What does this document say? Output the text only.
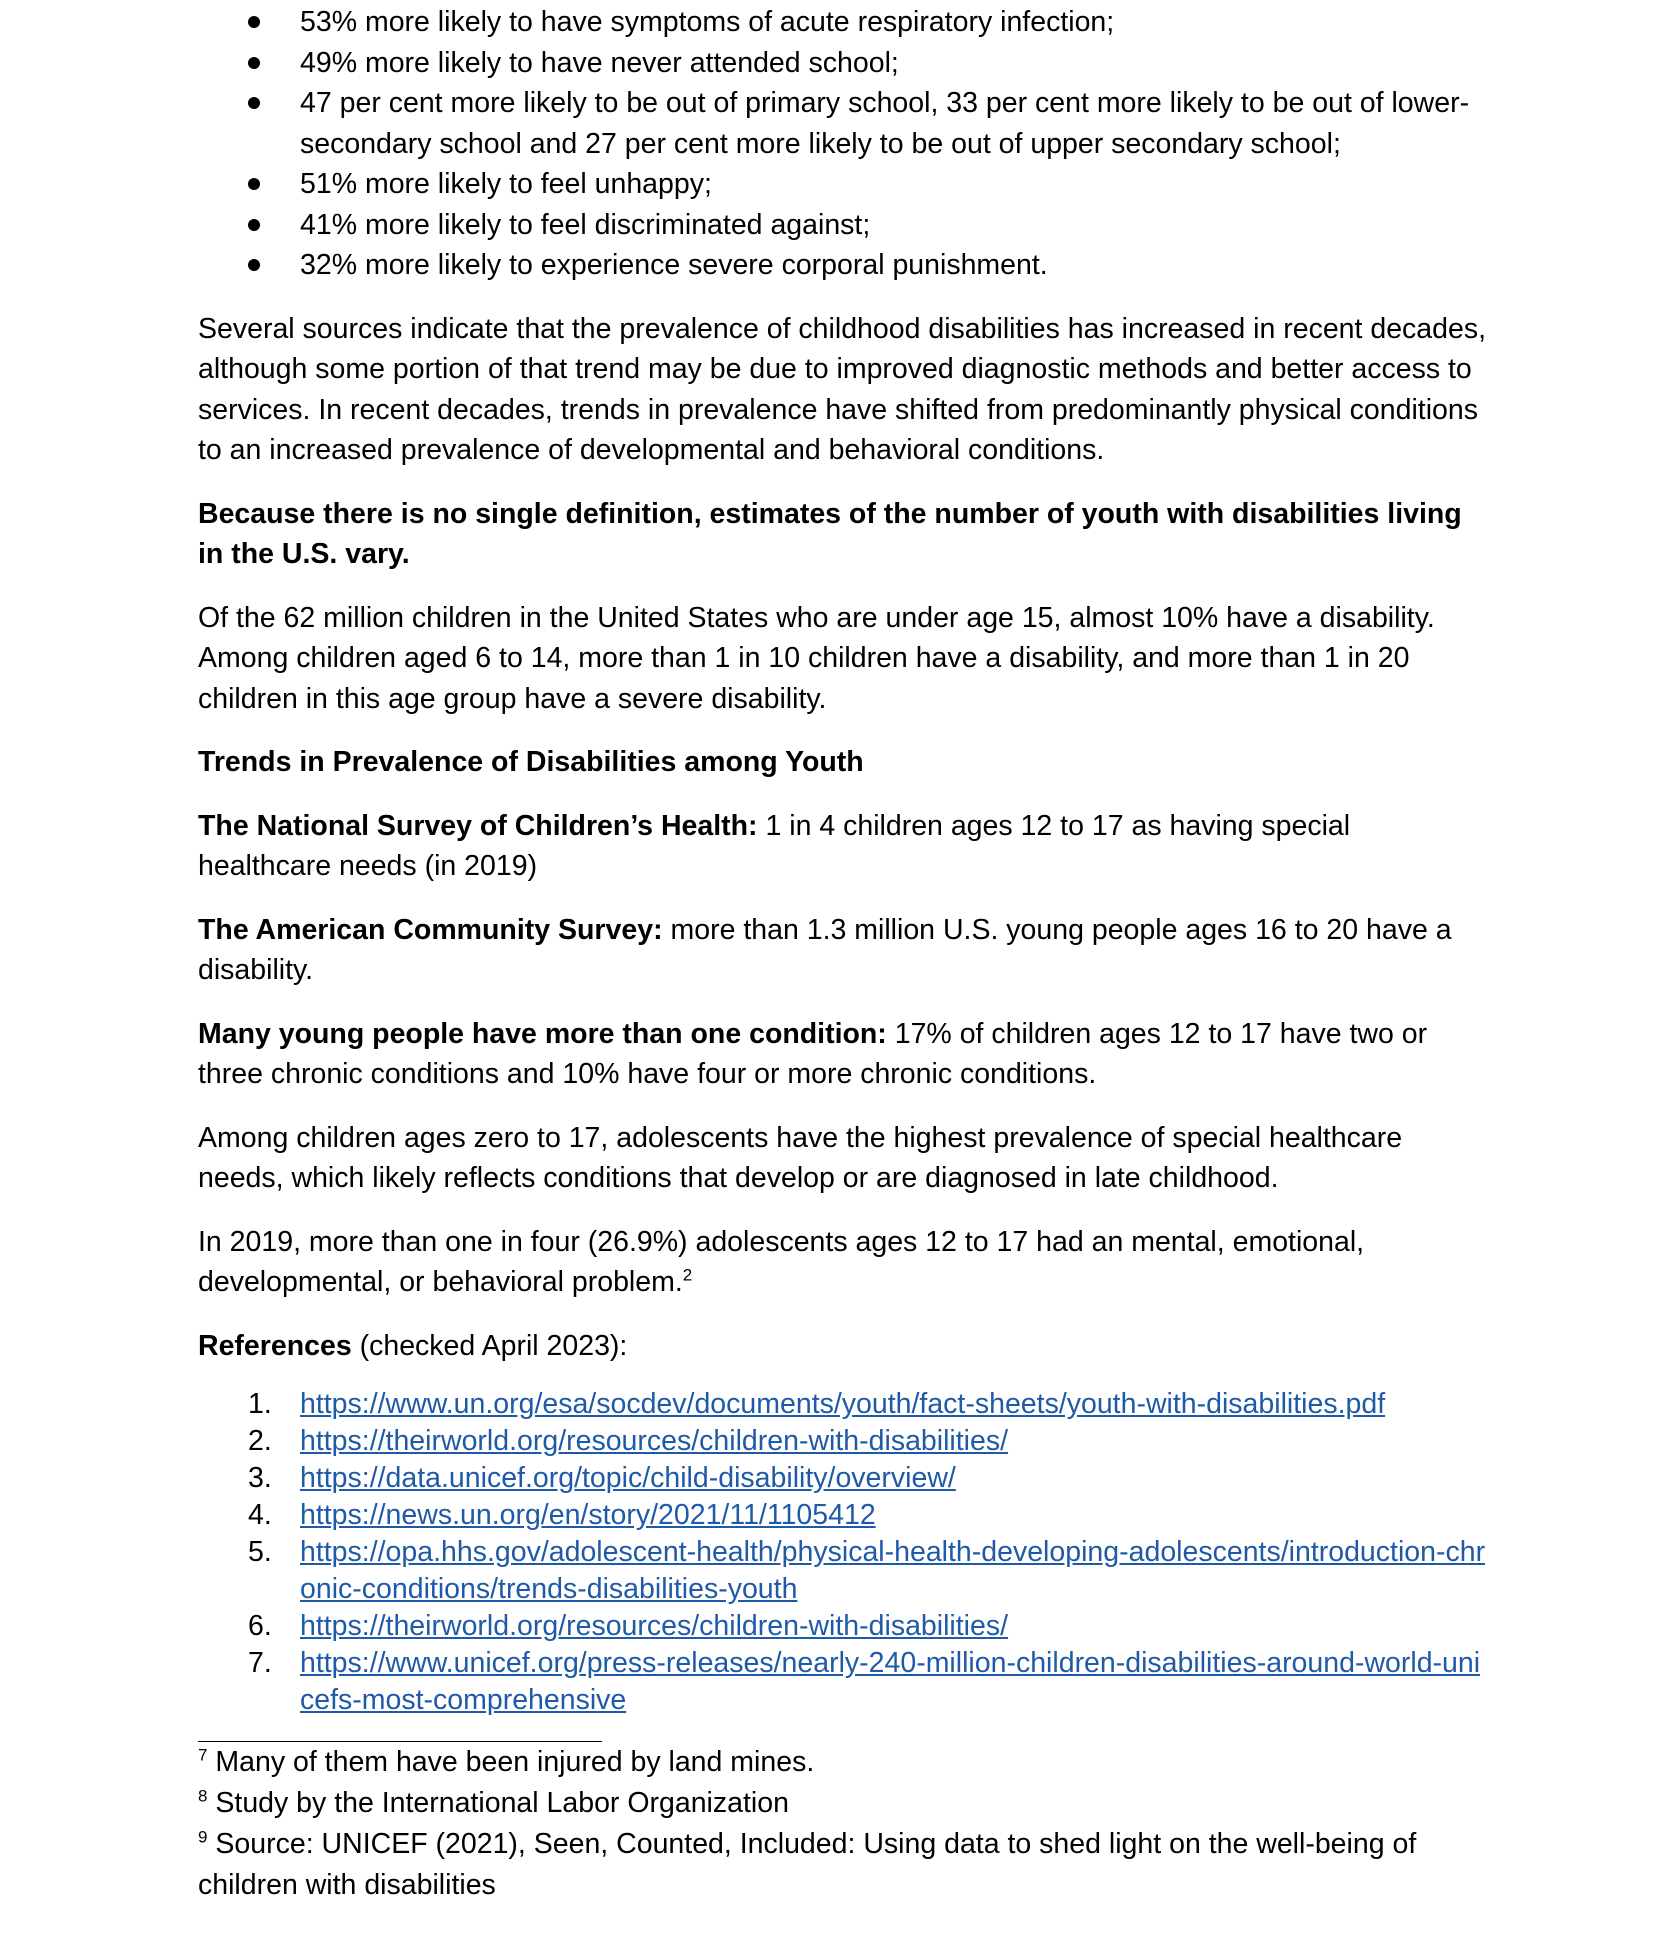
53% more likely to have symptoms of acute respiratory infection;
49% more likely to have never attended school;
47 per cent more likely to be out of primary school, 33 per cent more likely to be out of lower-secondary school and 27 per cent more likely to be out of upper secondary school;
51% more likely to feel unhappy;
41% more likely to feel discriminated against;
32% more likely to experience severe corporal punishment.

Several sources indicate that the prevalence of childhood disabilities has increased in recent decades, although some portion of that trend may be due to improved diagnostic methods and better access to services. In recent decades, trends in prevalence have shifted from predominantly physical conditions to an increased prevalence of developmental and behavioral conditions.

Because there is no single definition, estimates of the number of youth with disabilities living in the U.S. vary.

Of the 62 million children in the United States who are under age 15, almost 10% have a disability. Among children aged 6 to 14, more than 1 in 10 children have a disability, and more than 1 in 20 children in this age group have a severe disability.

Trends in Prevalence of Disabilities among Youth

The National Survey of Children’s Health: 1 in 4 children ages 12 to 17 as having special healthcare needs (in 2019)

The American Community Survey: more than 1.3 million U.S. young people ages 16 to 20 have a disability.

Many young people have more than one condition: 17% of children ages 12 to 17 have two or three chronic conditions and 10% have four or more chronic conditions.

Among children ages zero to 17, adolescents have the highest prevalence of special healthcare needs, which likely reflects conditions that develop or are diagnosed in late childhood.

In 2019, more than one in four (26.9%) adolescents ages 12 to 17 had an mental, emotional, developmental, or behavioral problem.$^2$

References (checked April 2023):

1. https://www.un.org/esa/socdev/documents/youth/fact-sheets/youth-with-disabilities.pdf
2. https://theirworld.org/resources/children-with-disabilities/
3. https://data.unicef.org/topic/child-disability/overview/
4. https://news.un.org/en/story/2021/11/1105412
5. https://opa.hhs.gov/adolescent-health/physical-health-developing-adolescents/introduction-chronic-conditions/trends-disabilities-youth
6. https://theirworld.org/resources/children-with-disabilities/
7. https://www.unicef.org/press-releases/nearly-240-million-children-disabilities-around-world-unicefs-most-comprehensive

$^7$ Many of them have been injured by land mines.

$^8$ Study by the International Labor Organization

$^9$ Source: UNICEF (2021), Seen, Counted, Included: Using data to shed light on the well-being of children with disabilities
